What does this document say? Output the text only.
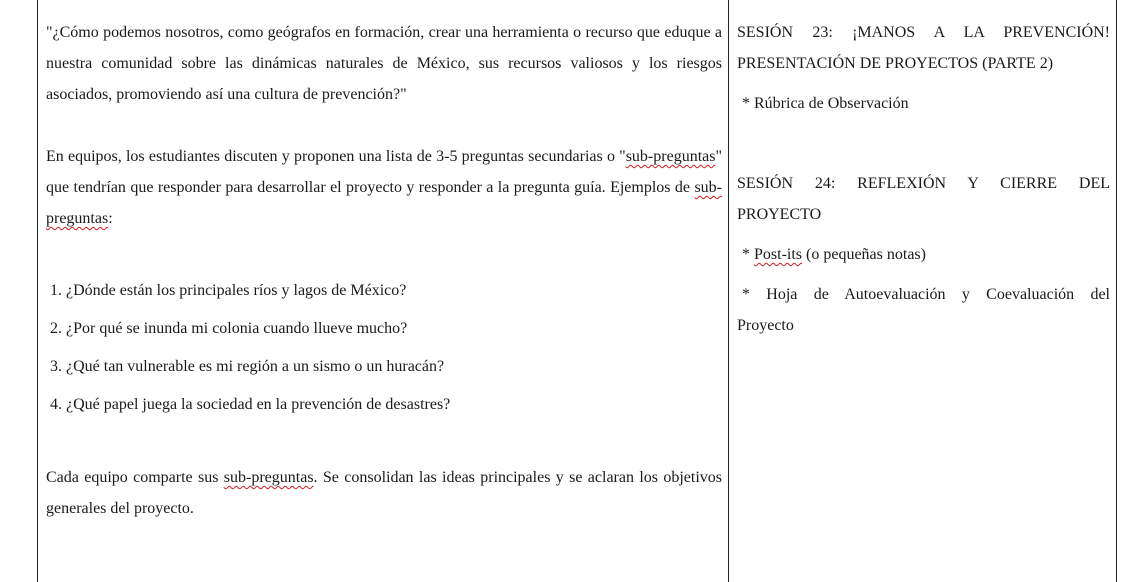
"¿Cómo podemos nosotros, como geógrafos en formación, crear una herramienta o recurso que eduque a nuestra comunidad sobre las dinámicas naturales de México, sus recursos valiosos y los riesgos asociados, promoviendo así una cultura de prevención?"

En equipos, los estudiantes discuten y proponen una lista de 3-5 preguntas secundarias o "sub-preguntas" que tendrían que responder para desarrollar el proyecto y responder a la pregunta guía. Ejemplos de sub-preguntas:

1. ¿Dónde están los principales ríos y lagos de México?
2. ¿Por qué se inunda mi colonia cuando llueve mucho?
3. ¿Qué tan vulnerable es mi región a un sismo o un huracán?
4. ¿Qué papel juega la sociedad en la prevención de desastres?

Cada equipo comparte sus sub-preguntas. Se consolidan las ideas principales y se aclaran los objetivos generales del proyecto.

SESIÓN 23: ¡MANOS A LA PREVENCIÓN!

PRESENTACIÓN DE PROYECTOS (PARTE 2)

* Rúbrica de Observación

SESIÓN 24: REFLEXIÓN Y CIERRE DEL

PROYECTO

* Post-its (o pequeñas notas)

* Hoja de Autoevaluación y Coevaluación del

Proyecto
